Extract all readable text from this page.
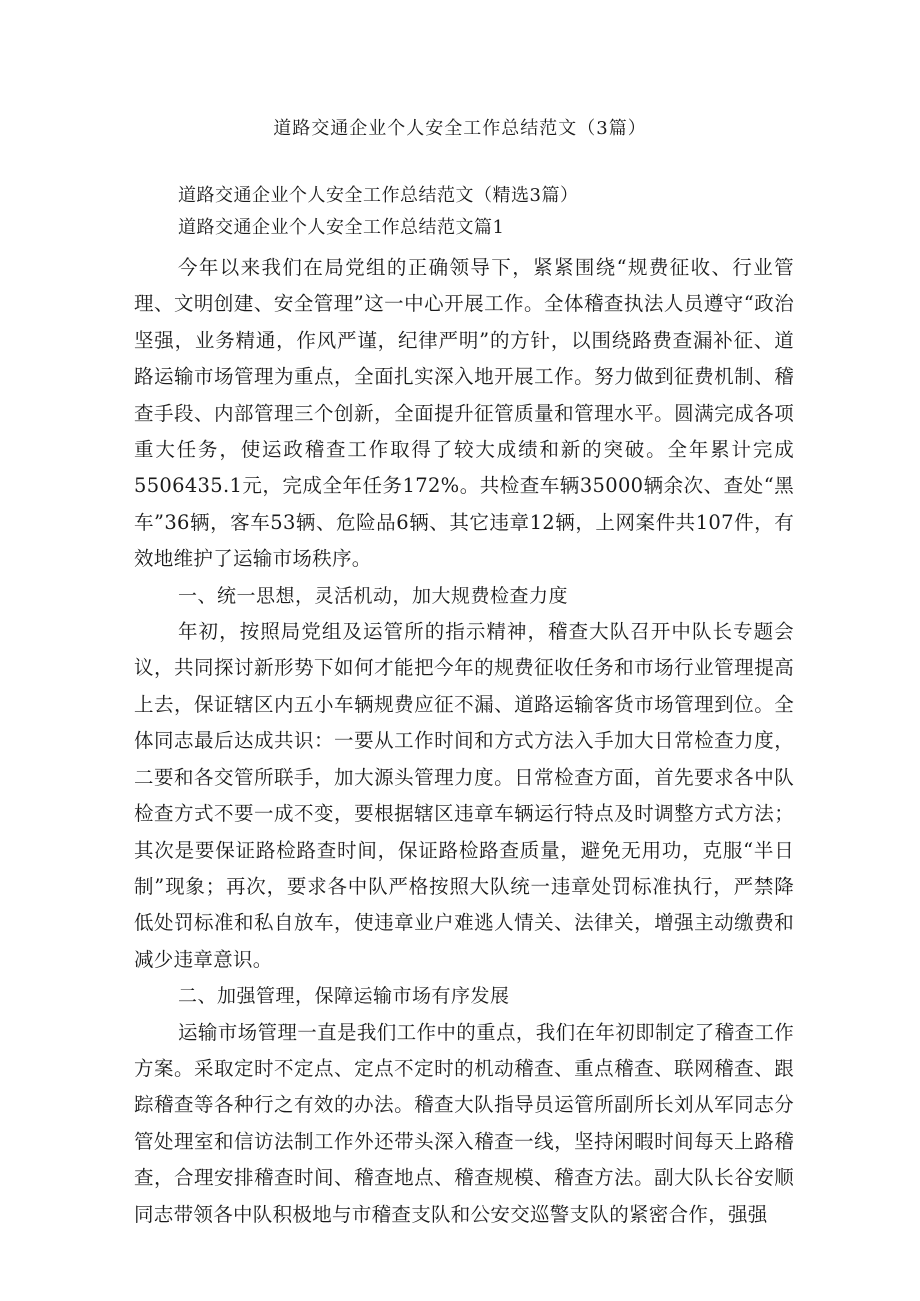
道路交通企业个人安全工作总结范文（3篇）

道路交通企业个人安全工作总结范文（精选3篇）

道路交通企业个人安全工作总结范文篇1

今年以来我们在局党组的正确领导下，紧紧围绕“规费征收、行业管理、文明创建、安全管理”这一中心开展工作。全体稽查执法人员遵守“政治坚强，业务精通，作风严谨，纪律严明”的方针，以围绕路费查漏补征、道路运输市场管理为重点，全面扎实深入地开展工作。努力做到征费机制、稽查手段、内部管理三个创新，全面提升征管质量和管理水平。圆满完成各项重大任务，使运政稽查工作取得了较大成绩和新的突破。全年累计完成5506435.1元，完成全年任务172%。共检查车辆35000辆余次、查处“黑车”36辆，客车53辆、危险品6辆、其它违章12辆，上网案件共107件，有效地维护了运输市场秩序。

一、统一思想，灵活机动，加大规费检查力度

年初，按照局党组及运管所的指示精神，稽查大队召开中队长专题会议，共同探讨新形势下如何才能把今年的规费征收任务和市场行业管理提高上去，保证辖区内五小车辆规费应征不漏、道路运输客货市场管理到位。全体同志最后达成共识：一要从工作时间和方式方法入手加大日常检查力度，二要和各交管所联手，加大源头管理力度。日常检查方面，首先要求各中队检查方式不要一成不变，要根据辖区违章车辆运行特点及时调整方式方法；其次是要保证路检路查时间，保证路检路查质量，避免无用功，克服“半日制”现象；再次，要求各中队严格按照大队统一违章处罚标准执行，严禁降低处罚标准和私自放车，使违章业户难逃人情关、法律关，增强主动缴费和减少违章意识。

二、加强管理，保障运输市场有序发展

运输市场管理一直是我们工作中的重点，我们在年初即制定了稽查工作方案。采取定时不定点、定点不定时的机动稽查、重点稽查、联网稽查、跟踪稽查等各种行之有效的办法。稽查大队指导员运管所副所长刘从军同志分管处理室和信访法制工作外还带头深入稽查一线，坚持闲暇时间每天上路稽查，合理安排稽查时间、稽查地点、稽查规模、稽查方法。副大队长谷安顺同志带领各中队积极地与市稽查支队和公安交巡警支队的紧密合作，强强
